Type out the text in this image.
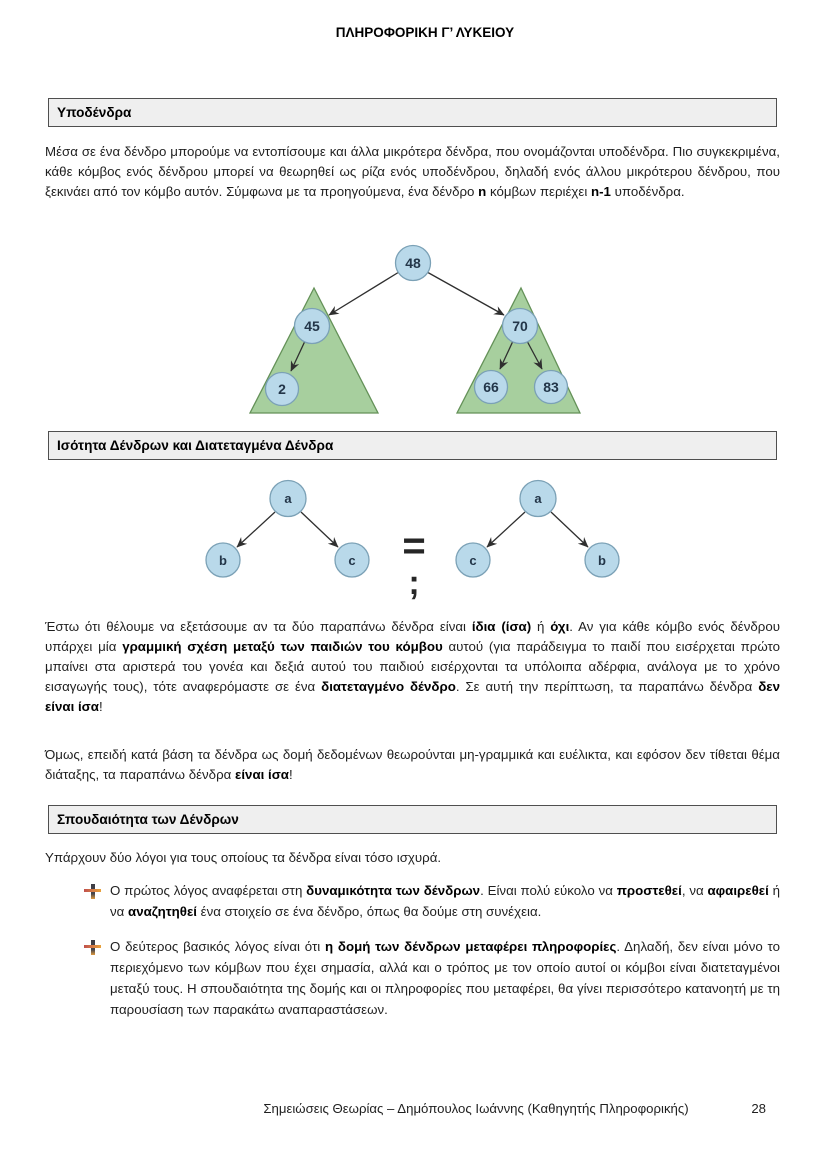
ΠΛΗΡΟΦΟΡΙΚΗ Γ’ ΛΥΚΕΙΟΥ
Υποδένδρα
Μέσα σε ένα δένδρο μπορούμε να εντοπίσουμε και άλλα μικρότερα δένδρα, που ονομάζονται υποδένδρα. Πιο συγκεκριμένα, κάθε κόμβος ενός δένδρου μπορεί να θεωρηθεί ως ρίζα ενός υποδένδρου, δηλαδή ενός άλλου μικρότερου δένδρου, που ξεκινάει από τον κόμβο αυτόν. Σύμφωνα με τα προηγούμενα, ένα δένδρο n κόμβων περιέχει n-1 υποδένδρα.
48
45
2
70
66	83
Ισότητα Δένδρων και Διατεταγμένα Δένδρα
a
b	c
a
c	b
=
;
Έστω ότι θέλουμε να εξετάσουμε αν τα δύο παραπάνω δένδρα είναι ίδια (ίσα) ή όχι. Αν για κάθε κόμβο ενός δένδρου υπάρχει μία γραμμική σχέση μεταξύ των παιδιών του κόμβου αυτού (για παράδειγμα το παιδί που εισέρχεται πρώτο μπαίνει στα αριστερά του γονέα και δεξιά αυτού του παιδιού εισέρχονται τα υπόλοιπα αδέρφια, ανάλογα με το χρόνο εισαγωγής τους), τότε αναφερόμαστε σε ένα διατεταγμένο δένδρο. Σε αυτή την περίπτωση, τα παραπάνω δένδρα δεν είναι ίσα!
Όμως, επειδή κατά βάση τα δένδρα ως δομή δεδομένων θεωρούνται μη-γραμμικά και ευέλικτα, και εφόσον δεν τίθεται θέμα διάταξης, τα παραπάνω δένδρα είναι ίσα!
Σπουδαιότητα των Δένδρων
Υπάρχουν δύο λόγοι για τους οποίους τα δένδρα είναι τόσο ισχυρά.
Ο πρώτος λόγος αναφέρεται στη δυναμικότητα των δένδρων. Είναι πολύ εύκολο να προστεθεί, να αφαιρεθεί ή να αναζητηθεί ένα στοιχείο σε ένα δένδρο, όπως θα δούμε στη συνέχεια.
Ο δεύτερος βασικός λόγος είναι ότι η δομή των δένδρων μεταφέρει πληροφορίες. Δηλαδή, δεν είναι μόνο το περιεχόμενο των κόμβων που έχει σημασία, αλλά και ο τρόπος με τον οποίο αυτοί οι κόμβοι είναι διατεταγμένοι μεταξύ τους. Η σπουδαιότητα της δομής και οι πληροφορίες που μεταφέρει, θα γίνει περισσότερο κατανοητή με τη παρουσίαση των παρακάτω αναπαραστάσεων.
Σημειώσεις Θεωρίας – Δημόπουλος Ιωάννης (Καθηγητής Πληροφορικής)	28
